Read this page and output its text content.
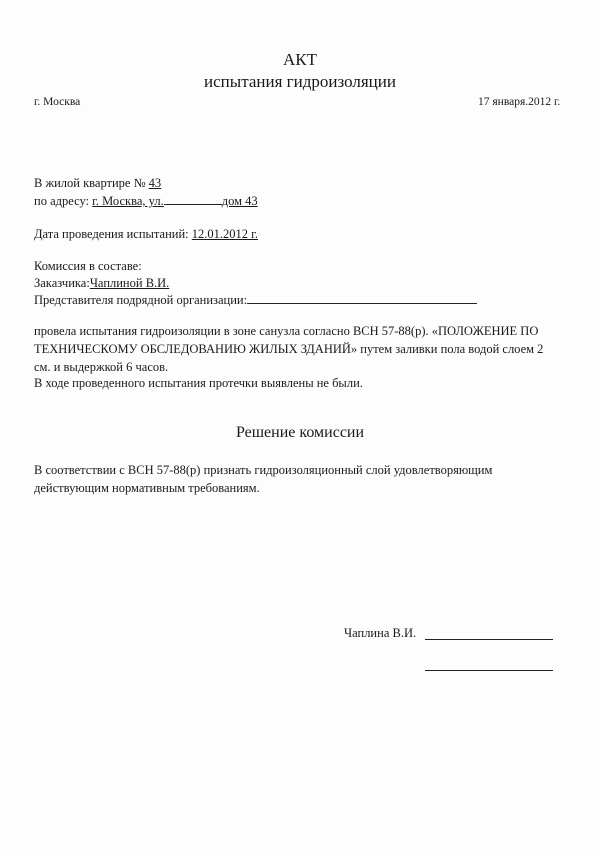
АКТ
испытания гидроизоляции
г. Москва	17 января.2012 г.
В жилой квартире № 43
по адресу: г. Москва, ул.	дом 43
Дата проведения испытаний: 12.01.2012 г.
Комиссия в составе:
Заказчика:Чаплиной В.И.
Представителя подрядной организации:
провела испытания гидроизоляции в зоне санузла согласно ВСН 57-88(р). «ПОЛОЖЕНИЕ ПО ТЕХНИЧЕСКОМУ ОБСЛЕДОВАНИЮ ЖИЛЫХ ЗДАНИЙ» путем заливки пола водой слоем 2 см. и выдержкой 6 часов.
В ходе проведенного испытания протечки выявлены не были.
Решение комиссии
В соответствии с ВСН 57-88(р) признать гидроизоляционный слой удовлетворяющим действующим нормативным требованиям.
Чаплина В.И.
